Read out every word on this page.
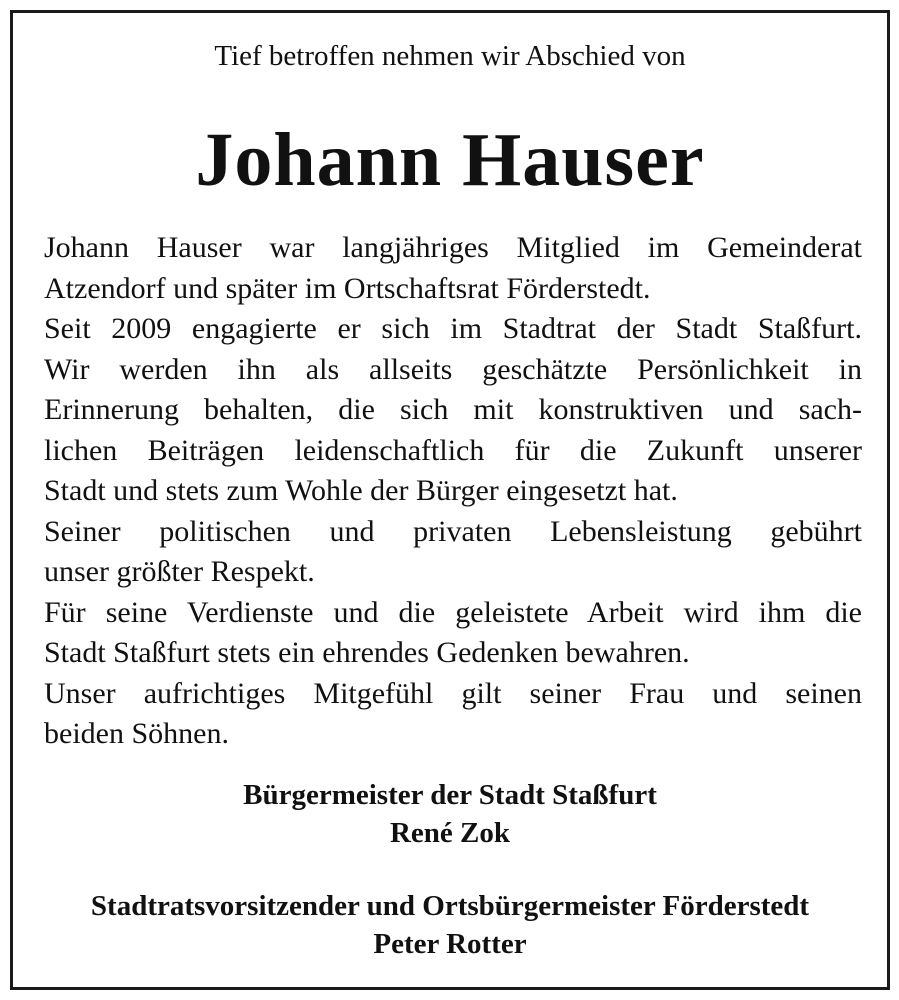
Tief betroffen nehmen wir Abschied von
Johann Hauser
Johann Hauser war langjähriges Mitglied im Gemeinderat
Atzendorf und später im Ortschaftsrat Förderstedt.
Seit 2009 engagierte er sich im Stadtrat der Stadt Staßfurt.
Wir werden ihn als allseits geschätzte Persönlichkeit in
Erinnerung behalten, die sich mit konstruktiven und sach-
lichen Beiträgen leidenschaftlich für die Zukunft unserer
Stadt und stets zum Wohle der Bürger eingesetzt hat.
Seiner politischen und privaten Lebensleistung gebührt
unser größter Respekt.
Für seine Verdienste und die geleistete Arbeit wird ihm die
Stadt Staßfurt stets ein ehrendes Gedenken bewahren.
Unser aufrichtiges Mitgefühl gilt seiner Frau und seinen
beiden Söhnen.
Bürgermeister der Stadt Staßfurt
René Zok
Stadtratsvorsitzender und Ortsbürgermeister Förderstedt
Peter Rotter
